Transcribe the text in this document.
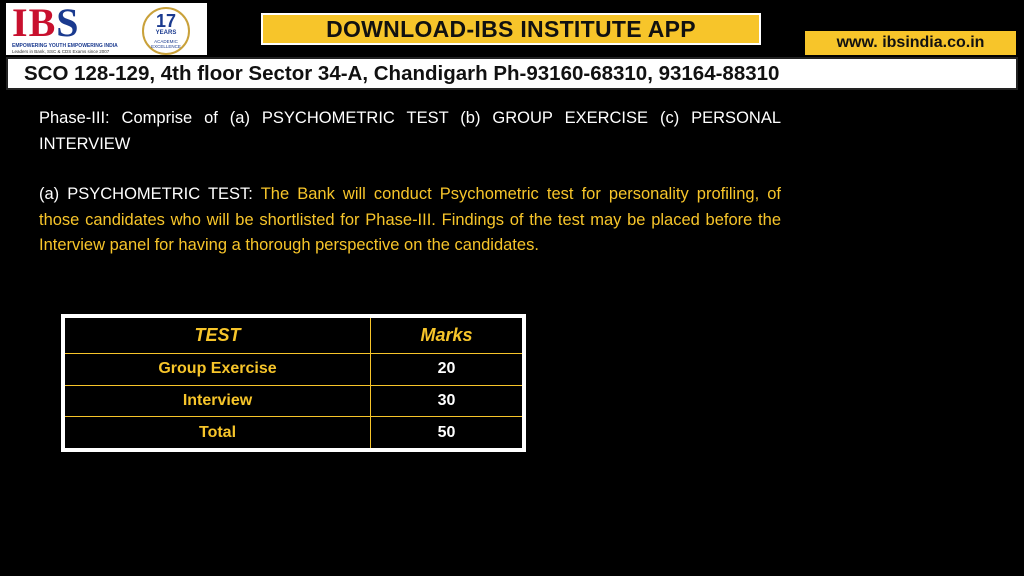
IBS
EMPOWERING YOUTH EMPOWERING INDIA
Leaders in Bank, SSC & CDS Exams since 2007
17
YEARS
ACADEMIC EXCELLENCE
DOWNLOAD-IBS INSTITUTE APP
www. ibsindia.co.in
SCO 128-129, 4th floor Sector 34-A, Chandigarh Ph-93160-68310, 93164-88310
Phase-III: Comprise of (a) PSYCHOMETRIC TEST (b) GROUP EXERCISE (c) PERSONAL INTERVIEW
(a) PSYCHOMETRIC TEST: The Bank will conduct Psychometric test for personality profiling, of those candidates who will be shortlisted for Phase-III. Findings of the test may be placed before the Interview panel for having a thorough perspective on the candidates.
TEST	Marks
Group Exercise	20
Interview	30
Total	50
